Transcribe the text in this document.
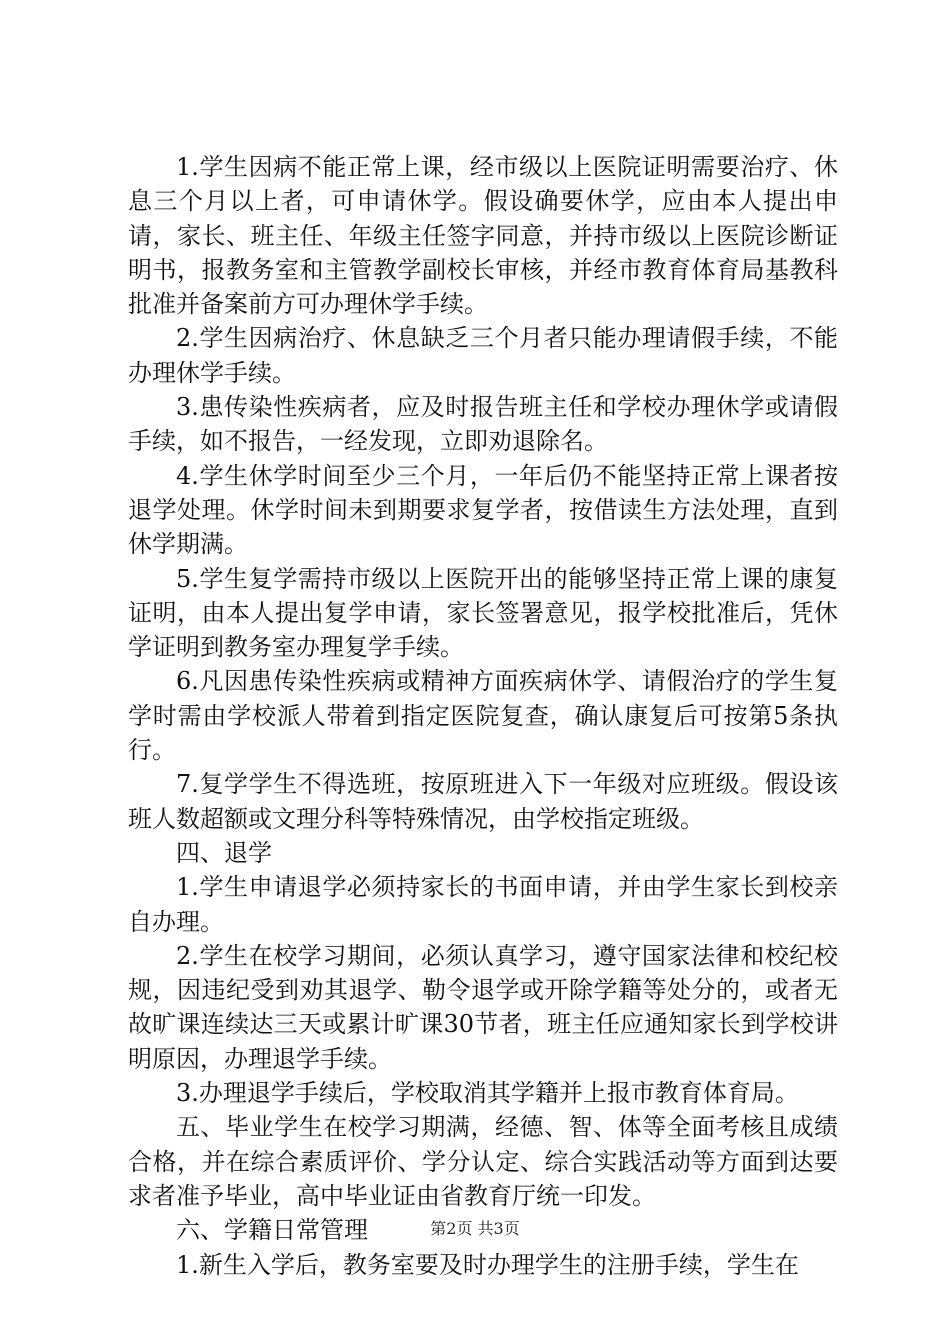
1.学生因病不能正常上课，经市级以上医院证明需要治疗、休息三个月以上者，可申请休学。假设确要休学，应由本人提出申请，家长、班主任、年级主任签字同意，并持市级以上医院诊断证明书，报教务室和主管教学副校长审核，并经市教育体育局基教科批准并备案前方可办理休学手续。

2.学生因病治疗、休息缺乏三个月者只能办理请假手续，不能办理休学手续。

3.患传染性疾病者，应及时报告班主任和学校办理休学或请假手续，如不报告，一经发现，立即劝退除名。

4.学生休学时间至少三个月，一年后仍不能坚持正常上课者按退学处理。休学时间未到期要求复学者，按借读生方法处理，直到休学期满。

5.学生复学需持市级以上医院开出的能够坚持正常上课的康复证明，由本人提出复学申请，家长签署意见，报学校批准后，凭休学证明到教务室办理复学手续。

6.凡因患传染性疾病或精神方面疾病休学、请假治疗的学生复学时需由学校派人带着到指定医院复查，确认康复后可按第5条执行。

7.复学学生不得选班，按原班进入下一年级对应班级。假设该班人数超额或文理分科等特殊情况，由学校指定班级。

四、退学

1.学生申请退学必须持家长的书面申请，并由学生家长到校亲自办理。

2.学生在校学习期间，必须认真学习，遵守国家法律和校纪校规，因违纪受到劝其退学、勒令退学或开除学籍等处分的，或者无故旷课连续达三天或累计旷课30节者，班主任应通知家长到学校讲明原因，办理退学手续。

3.办理退学手续后，学校取消其学籍并上报市教育体育局。

五、毕业学生在校学习期满，经德、智、体等全面考核且成绩合格，并在综合素质评价、学分认定、综合实践活动等方面到达要求者准予毕业，高中毕业证由省教育厅统一印发。

六、学籍日常管理

1.新生入学后，教务室要及时办理学生的注册手续，学生在

第2页 共3页
